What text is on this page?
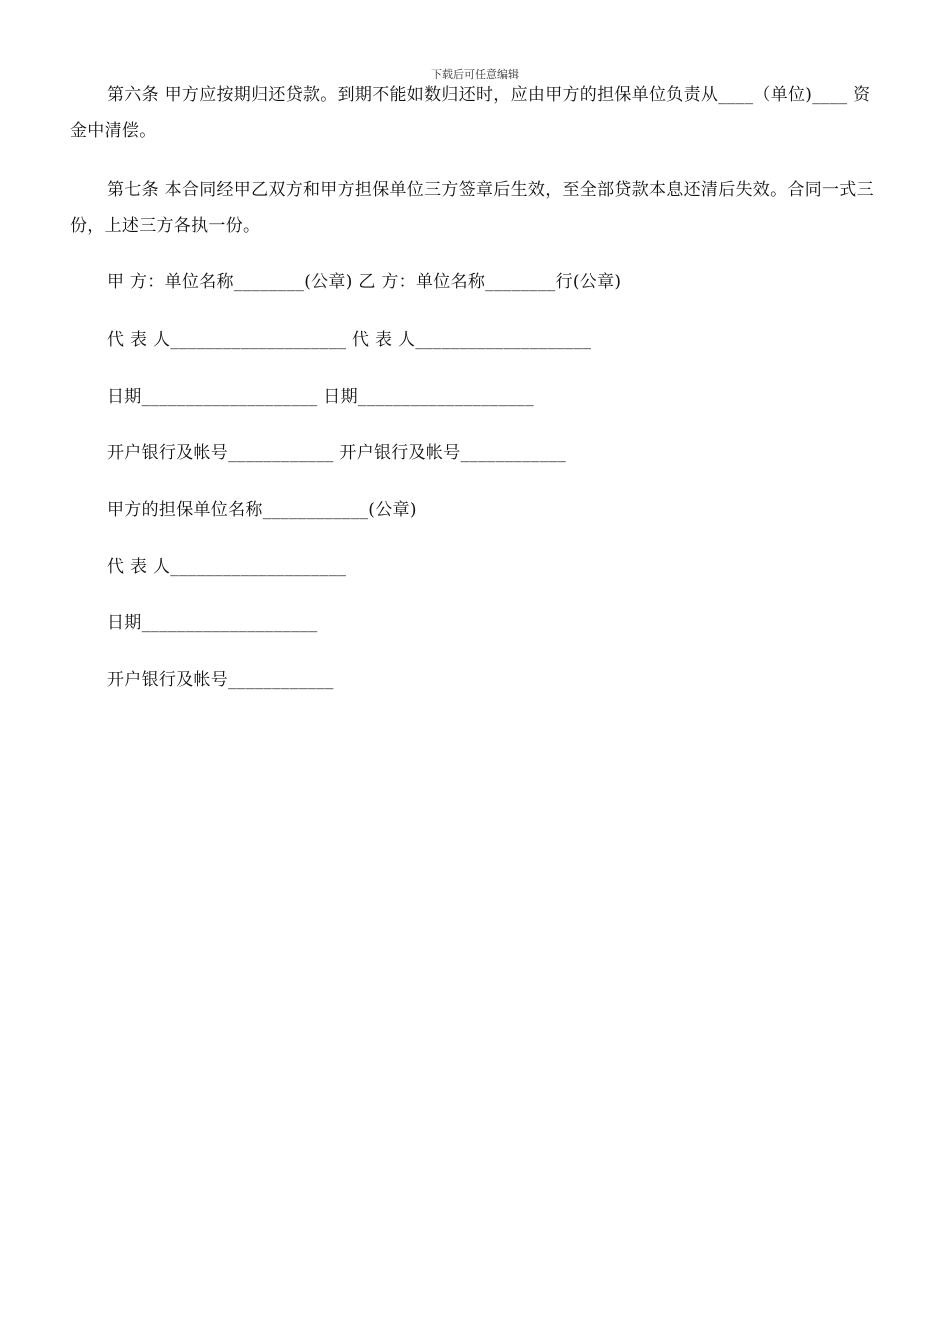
下载后可任意编辑

第六条 甲方应按期归还贷款。到期不能如数归还时，应由甲方的担保单位负责从____（单位)____ 资金中清偿。

第七条 本合同经甲乙双方和甲方担保单位三方签章后生效，至全部贷款本息还清后失效。合同一式三份，上述三方各执一份。

甲 方：单位名称________(公章) 乙 方：单位名称________行(公章)
代 表 人____________________ 代 表 人____________________
日期____________________ 日期____________________
开户银行及帐号____________ 开户银行及帐号____________
甲方的担保单位名称____________(公章)
代 表 人____________________
日期____________________
开户银行及帐号____________
